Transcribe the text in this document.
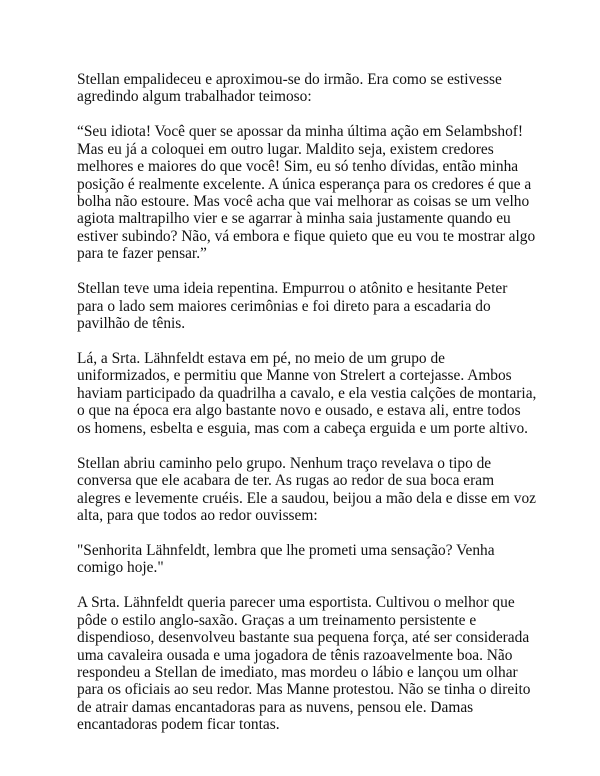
Stellan empalideceu e aproximou-se do irmão. Era como se estivesse agredindo algum trabalhador teimoso:

“Seu idiota! Você quer se apossar da minha última ação em Selambshof! Mas eu já a coloquei em outro lugar. Maldito seja, existem credores melhores e maiores do que você! Sim, eu só tenho dívidas, então minha posição é realmente excelente. A única esperança para os credores é que a bolha não estoure. Mas você acha que vai melhorar as coisas se um velho agiota maltrapilho vier e se agarrar à minha saia justamente quando eu estiver subindo? Não, vá embora e fique quieto que eu vou te mostrar algo para te fazer pensar.”

Stellan teve uma ideia repentina. Empurrou o atônito e hesitante Peter para o lado sem maiores cerimônias e foi direto para a escadaria do pavilhão de tênis.

Lá, a Srta. Lähnfeldt estava em pé, no meio de um grupo de uniformizados, e permitiu que Manne von Strelert a cortejasse. Ambos haviam participado da quadrilha a cavalo, e ela vestia calções de montaria, o que na época era algo bastante novo e ousado, e estava ali, entre todos os homens, esbelta e esguia, mas com a cabeça erguida e um porte altivo.

Stellan abriu caminho pelo grupo. Nenhum traço revelava o tipo de conversa que ele acabara de ter. As rugas ao redor de sua boca eram alegres e levemente cruéis. Ele a saudou, beijou a mão dela e disse em voz alta, para que todos ao redor ouvissem:

"Senhorita Lähnfeldt, lembra que lhe prometi uma sensação? Venha comigo hoje."

A Srta. Lähnfeldt queria parecer uma esportista. Cultivou o melhor que pôde o estilo anglo-saxão. Graças a um treinamento persistente e dispendioso, desenvolveu bastante sua pequena força, até ser considerada uma cavaleira ousada e uma jogadora de tênis razoavelmente boa. Não respondeu a Stellan de imediato, mas mordeu o lábio e lançou um olhar para os oficiais ao seu redor. Mas Manne protestou. Não se tinha o direito de atrair damas encantadoras para as nuvens, pensou ele. Damas encantadoras podem ficar tontas.
